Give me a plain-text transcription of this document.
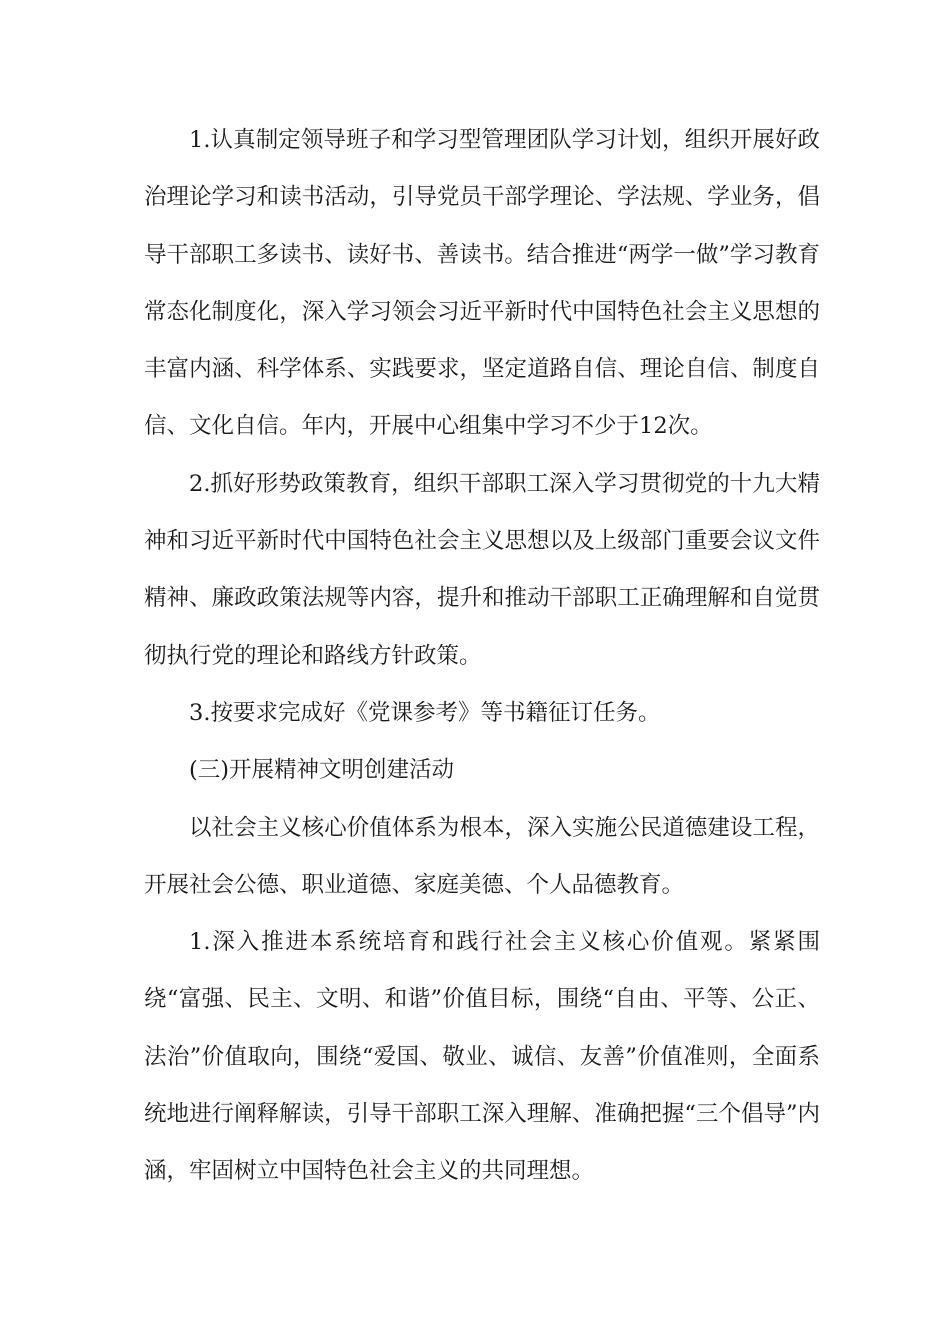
1.认真制定领导班子和学习型管理团队学习计划，组织开展好政治理论学习和读书活动，引导党员干部学理论、学法规、学业务，倡导干部职工多读书、读好书、善读书。结合推进“两学一做”学习教育常态化制度化，深入学习领会习近平新时代中国特色社会主义思想的丰富内涵、科学体系、实践要求，坚定道路自信、理论自信、制度自信、文化自信。年内，开展中心组集中学习不少于12次。

2.抓好形势政策教育，组织干部职工深入学习贯彻党的十九大精神和习近平新时代中国特色社会主义思想以及上级部门重要会议文件精神、廉政政策法规等内容，提升和推动干部职工正确理解和自觉贯彻执行党的理论和路线方针政策。

3.按要求完成好《党课参考》等书籍征订任务。

(三)开展精神文明创建活动

以社会主义核心价值体系为根本，深入实施公民道德建设工程，开展社会公德、职业道德、家庭美德、个人品德教育。

1.深入推进本系统培育和践行社会主义核心价值观。紧紧围绕“富强、民主、文明、和谐”价值目标，围绕“自由、平等、公正、法治”价值取向，围绕“爱国、敬业、诚信、友善”价值准则，全面系统地进行阐释解读，引导干部职工深入理解、准确把握“三个倡导”内涵，牢固树立中国特色社会主义的共同理想。
